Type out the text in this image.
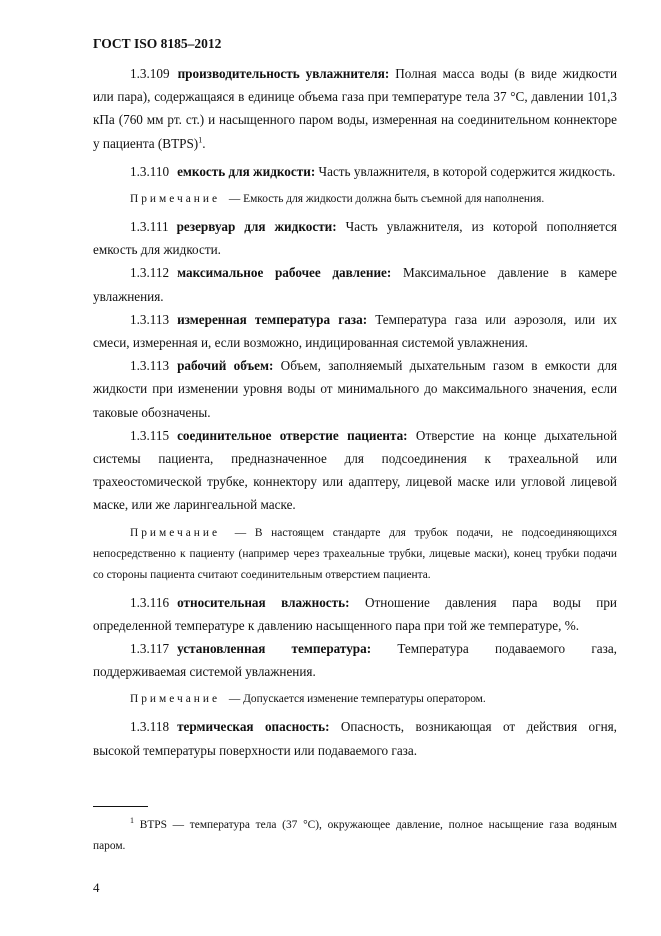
ГОСТ ISO 8185–2012

1.3.109 производительность увлажнителя: Полная масса воды (в виде жидкости или пара), содержащаяся в единице объема газа при температуре тела 37 °С, давлении 101,3 кПа (760 мм рт. ст.) и насыщенного паром воды, измеренная на соединительном коннекторе у пациента (BTPS)$^1$.

1.3.110 емкость для жидкости: Часть увлажнителя, в которой содержится жидкость.

Примечание — Емкость для жидкости должна быть съемной для наполнения.

1.3.111 резервуар для жидкости: Часть увлажнителя, из которой пополняется емкость для жидкости.

1.3.112 максимальное рабочее давление: Максимальное давление в камере увлажнения.

1.3.113 измеренная температура газа: Температура газа или аэрозоля, или их смеси, измеренная и, если возможно, индицированная системой увлажнения.

1.3.113 рабочий объем: Объем, заполняемый дыхательным газом в емкости для жидкости при изменении уровня воды от минимального до максимального значения, если таковые обозначены.

1.3.115 соединительное отверстие пациента: Отверстие на конце дыхательной системы пациента, предназначенное для подсоединения к трахеальной или трахеостомической трубке, коннектору или адаптеру, лицевой маске или угловой лицевой маске, или же ларингеальной маске.

Примечание — В настоящем стандарте для трубок подачи, не подсоединяющихся непосредственно к пациенту (например через трахеальные трубки, лицевые маски), конец трубки подачи со стороны пациента считают соединительным отверстием пациента.

1.3.116 относительная влажность: Отношение давления пара воды при определенной температуре к давлению насыщенного пара при той же температуре, %.

1.3.117 установленная температура: Температура подаваемого газа, поддерживаемая системой увлажнения.

Примечание — Допускается изменение температуры оператором.

1.3.118 термическая опасность: Опасность, возникающая от действия огня, высокой температуры поверхности или подаваемого газа.

$^1$ BTPS — температура тела (37 °С), окружающее давление, полное насыщение газа водяным паром.

4
